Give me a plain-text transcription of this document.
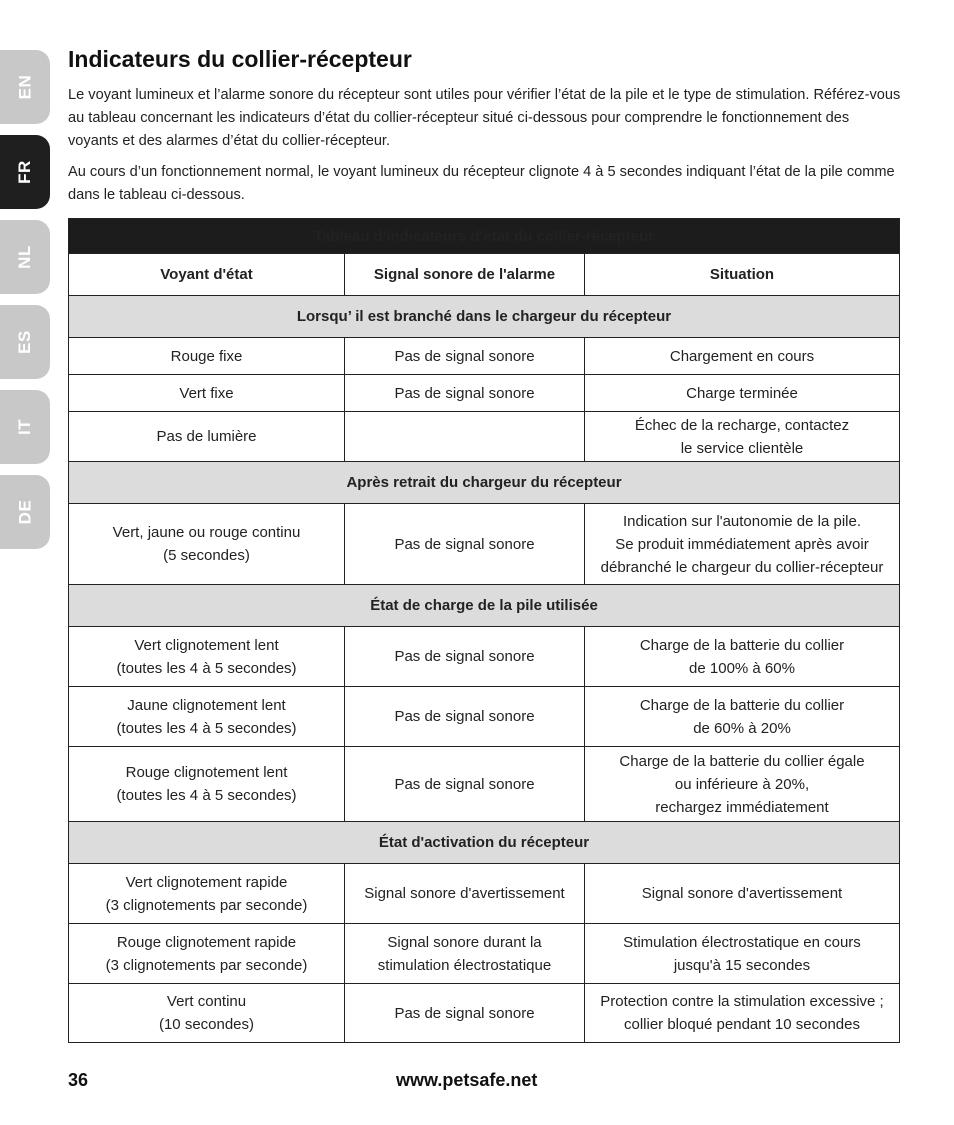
EN
FR
NL
ES
IT
DE
Indicateurs du collier-récepteur

Le voyant lumineux et l’alarme sonore du récepteur sont utiles pour vérifier l’état de la pile et le type de stimulation. Référez-vous au tableau concernant les indicateurs d’état du collier-récepteur situé ci-dessous pour comprendre le fonctionnement des voyants et des alarmes d’état du collier-récepteur.

Au cours d’un fonctionnement normal, le voyant lumineux du récepteur clignote 4 à 5 secondes indiquant l’état de la pile comme dans le tableau ci-dessous.

Tableau d'indicateurs d'état du collier-récepteur		
Voyant d'état	Signal sonore de l'alarme	Situation
Lorsqu’ il est branché dans le chargeur du récepteur		

Rouge fixe	Pas de signal sonore	Chargement en cours

Vert fixe	Pas de signal sonore	Charge terminée

Pas de lumière		Échec de la recharge, contactez
le service clientèle

Après retrait du chargeur du récepteur		

Vert, jaune ou rouge continu
(5 secondes)	Pas de signal sonore	Indication sur l'autonomie de la pile.
Se produit immédiatement après avoir
débranché le chargeur du collier-récepteur

État de charge de la pile utilisée		

Vert clignotement lent
(toutes les 4 à 5 secondes)	Pas de signal sonore	Charge de la batterie du collier
de 100% à 60%

Jaune clignotement lent
(toutes les 4 à 5 secondes)	Pas de signal sonore	Charge de la batterie du collier
de 60% à 20%

Rouge clignotement lent
(toutes les 4 à 5 secondes)	Pas de signal sonore	Charge de la batterie du collier égale
ou inférieure à 20%,
rechargez immédiatement

État d'activation du récepteur		

Vert clignotement rapide
(3 clignotements par seconde)	Signal sonore d'avertissement	Signal sonore d'avertissement

Rouge clignotement rapide
(3 clignotements par seconde)	Signal sonore durant la
stimulation électrostatique	Stimulation électrostatique en cours
jusqu'à 15 secondes

Vert continu
(10 secondes)	Pas de signal sonore	Protection contre la stimulation excessive ;
collier bloqué pendant 10 secondes
36	www.petsafe.net
